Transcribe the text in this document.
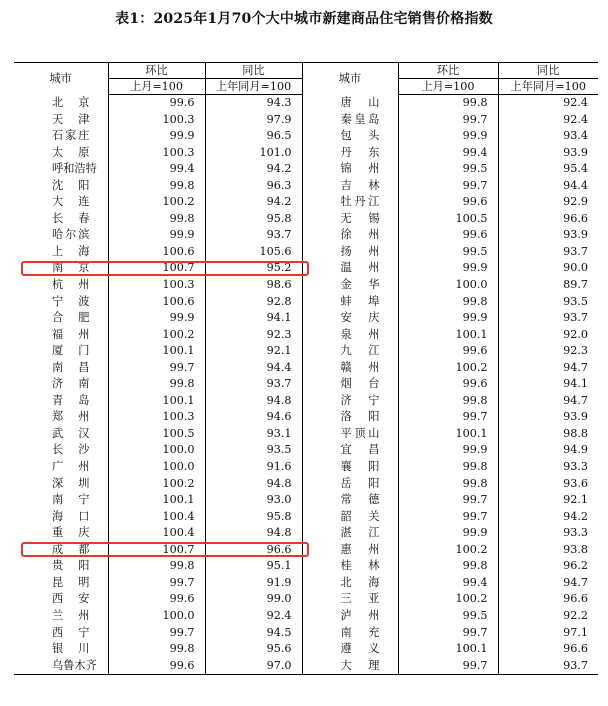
表1：2025年1月70个大中城市新建商品住宅销售价格指数
城市	环比	同比	城市	环比	同比
	上月=100	上年同月=100		上月=100	上年同月=100

北京	99.6	94.3	唐山	99.8	92.4

天津	100.3	97.9	秦皇岛	99.7	92.4

石家庄	99.9	96.5	包头	99.9	93.4

太原	100.3	101.0	丹东	99.4	93.9

呼和浩特	99.4	94.2	锦州	99.5	95.4

沈阳	99.8	96.3	吉林	99.7	94.4

大连	100.2	94.2	牡丹江	99.6	92.9

长春	99.8	95.8	无锡	100.5	96.6

哈尔滨	99.9	93.7	徐州	99.6	93.9

上海	100.6	105.6	扬州	99.5	93.7

南京	100.7	95.2	温州	99.9	90.0

杭州	100.3	98.6	金华	100.0	89.7

宁波	100.6	92.8	蚌埠	99.8	93.5

合肥	99.9	94.1	安庆	99.9	93.7

福州	100.2	92.3	泉州	100.1	92.0

厦门	100.1	92.1	九江	99.6	92.3

南昌	99.7	94.4	赣州	100.2	94.7

济南	99.8	93.7	烟台	99.6	94.1

青岛	100.1	94.8	济宁	99.8	94.7

郑州	100.3	94.6	洛阳	99.7	93.9

武汉	100.5	93.1	平顶山	100.1	98.8

长沙	100.0	93.5	宜昌	99.9	94.9

广州	100.0	91.6	襄阳	99.8	93.3

深圳	100.2	94.8	岳阳	99.8	93.6

南宁	100.1	93.0	常德	99.7	92.1

海口	100.4	95.8	韶关	99.7	94.2

重庆	100.4	94.8	湛江	99.9	93.3

成都	100.7	96.6	惠州	100.2	93.8

贵阳	99.8	95.1	桂林	99.8	96.2

昆明	99.7	91.9	北海	99.4	94.7

西安	99.6	99.0	三亚	100.2	96.6

兰州	100.0	92.4	泸州	99.5	92.2

西宁	99.7	94.5	南充	99.7	97.1

银川	99.8	95.6	遵义	100.1	96.6

乌鲁木齐	99.6	97.0	大理	99.7	93.7
